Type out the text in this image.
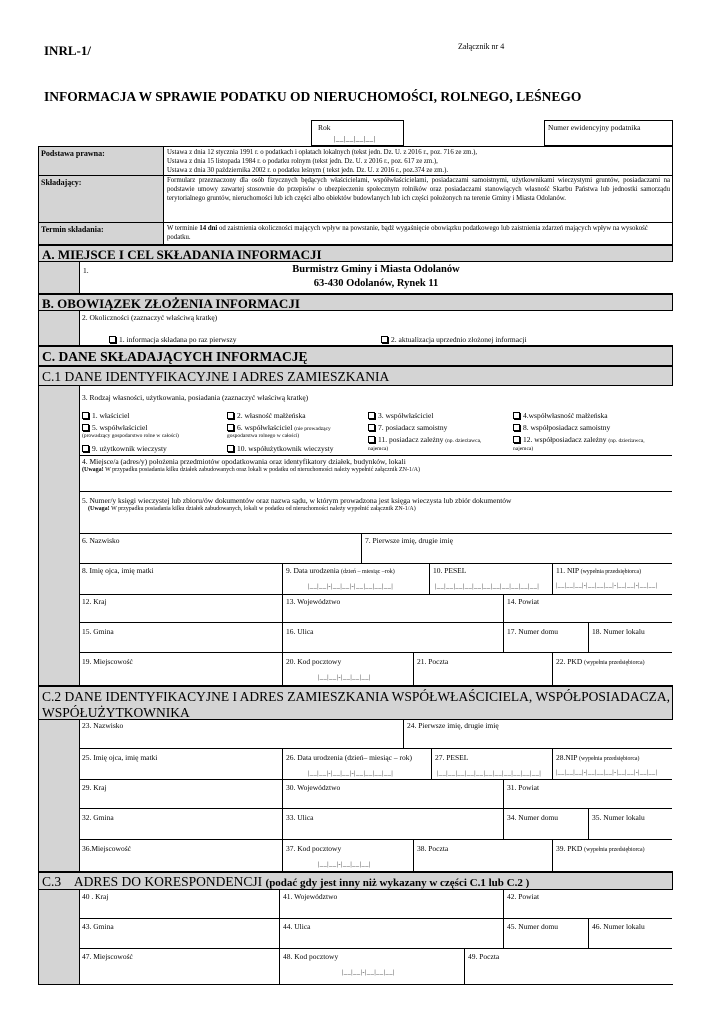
INRL-1/	Załącznik nr 4
INFORMACJA W SPRAWIE PODATKU OD NIERUCHOMOŚCI, ROLNEGO, LEŚNEGO
Rok
|__|__|__|__|
Numer ewidencyjny podatnika
Podstawa prawna:	Ustawa z dnia 12 stycznia 1991 r. o podatkach i opłatach lokalnych (tekst jedn. Dz. U. z 2016 r., poz. 716 ze zm.),
Ustawa z dnia 15 listopada 1984 r. o podatku rolnym (tekst jedn. Dz. U. z 2016 r., poz. 617 ze zm.),
Ustawa z dnia 30 października 2002 r. o podatku leśnym ( tekst jedn. Dz. U. z 2016 r., poz.374 ze zm.).
Składający:	Formularz przeznaczony dla osób fizycznych będących właścicielami, współwłaścicielami, posiadaczami samoistnymi, użytkownikami wieczystymi gruntów, posiadaczami na podstawie umowy zawartej stosownie do przepisów o ubezpieczeniu społecznym rolników oraz posiadaczami stanowiących własność Skarbu Państwa lub jednostki samorządu terytorialnego gruntów, nieruchomości lub ich części albo obiektów budowlanych lub ich części położonych na terenie Gminy i Miasta Odolanów.
Termin składania:	W terminie 14 dni od zaistnienia okoliczności mających wpływ na powstanie, bądź wygaśnięcie obowiązku podatkowego lub zaistnienia zdarzeń mających wpływ na wysokość podatku.
A. MIEJSCE I CEL SKŁADANIA INFORMACJI
1.	Burmistrz Gminy i Miasta Odolanów
63-430 Odolanów, Rynek 11
B. OBOWIĄZEK ZŁOŻENIA INFORMACJI
2. Okoliczności (zaznaczyć właściwą kratkę)
1. informacja składana po raz pierwszy	2. aktualizacja uprzednio złożonej informacji
C. DANE SKŁADAJĄCYCH INFORMACJĘ
C.1 DANE IDENTYFIKACYJNE I ADRES ZAMIESZKANIA
3. Rodzaj własności, użytkowania, posiadania (zaznaczyć właściwą kratkę)
1. właściciel	2. własność małżeńska	3. współwłaściciel	4.współwłasność małżeńska
5. współwłaściciel
(prowadzący gospodarstwo rolne w całości)
6. współwłaściciel (nie prowadzący
gospodarstwa rolnego w całości)
7. posiadacz samoistny	8. współposiadacz samoistny
9. użytkownik wieczysty	10. współużytkownik wieczysty
11. posiadacz zależny (np. dzierżawca,
najemca)
12. współposiadacz zależny (np. dzierżawca,
najemca)
4. Miejsce/a (adres/y) położenia przedmiotów opodatkowania oraz identyfikatory działek, budynków, lokali
(Uwaga! W przypadku posiadania kilku działek zabudowanych oraz lokali w podatku od nieruchomości należy wypełnić załącznik ZN-1/A)
5. Numer/y księgi wieczystej lub zbioru/ów dokumentów oraz nazwa sądu, w którym prowadzona jest księga wieczysta lub zbiór dokumentów
(Uwaga! W przypadku posiadania kilku działek zabudowanych, lokali w podatku od nieruchomości należy wypełnić załącznik ZN-1/A)
6. Nazwisko	7. Pierwsze imię, drugie imię
8. Imię ojca, imię matki	9. Data urodzenia (dzień – miesiąc –rok)
|__|__|-|__|__|-|__|__|__|__|
10. PESEL
|__|__|__|__|__|__|__|__|__|__|__|
11. NIP (wypełnia przedsiębiorca)
|__|__|__|-|__|__|__|-|__|__|-|__|__|
12. Kraj	13. Województwo	14. Powiat
15. Gmina	16. Ulica	17. Numer domu	18. Numer lokalu
19. Miejscowość	20. Kod pocztowy
|__|__|-|__|__|__|
21. Poczta	22. PKD (wypełnia przedsiębiorca)
C.2 DANE IDENTYFIKACYJNE I ADRES ZAMIESZKANIA WSPÓŁWŁAŚCICIELA, WSPÓŁPOSIADACZA,
WSPÓŁUŻYTKOWNIKA
23. Nazwisko	24. Pierwsze imię, drugie imię
25. Imię ojca, imię matki	26. Data urodzenia (dzień– miesiąc – rok)
|__|__|-|__|__|-|__|__|__|__|
27. PESEL
|__|__|__|__|__|__|__|__|__|__|__|
28.NIP (wypełnia przedsiębiorca)
|__|__|__|-|__|__|__|-|__|__|-|__|__|
29. Kraj	30. Województwo	31. Powiat
32. Gmina	33. Ulica	34. Numer domu	35. Numer lokalu
36.Miejscowość	37. Kod pocztowy
|__|__|-|__|__|__|
38. Poczta	39. PKD (wypełnia przedsiębiorca)
C.3    ADRES DO KORESPONDENCJI (podać gdy jest inny niż wykazany w części C.1 lub C.2 )
40 . Kraj	41. Województwo	42. Powiat
43. Gmina	44. Ulica	45. Numer domu	46. Numer lokalu
47. Miejscowość	48. Kod pocztowy
|__|__|-|__|__|__|
49. Poczta
